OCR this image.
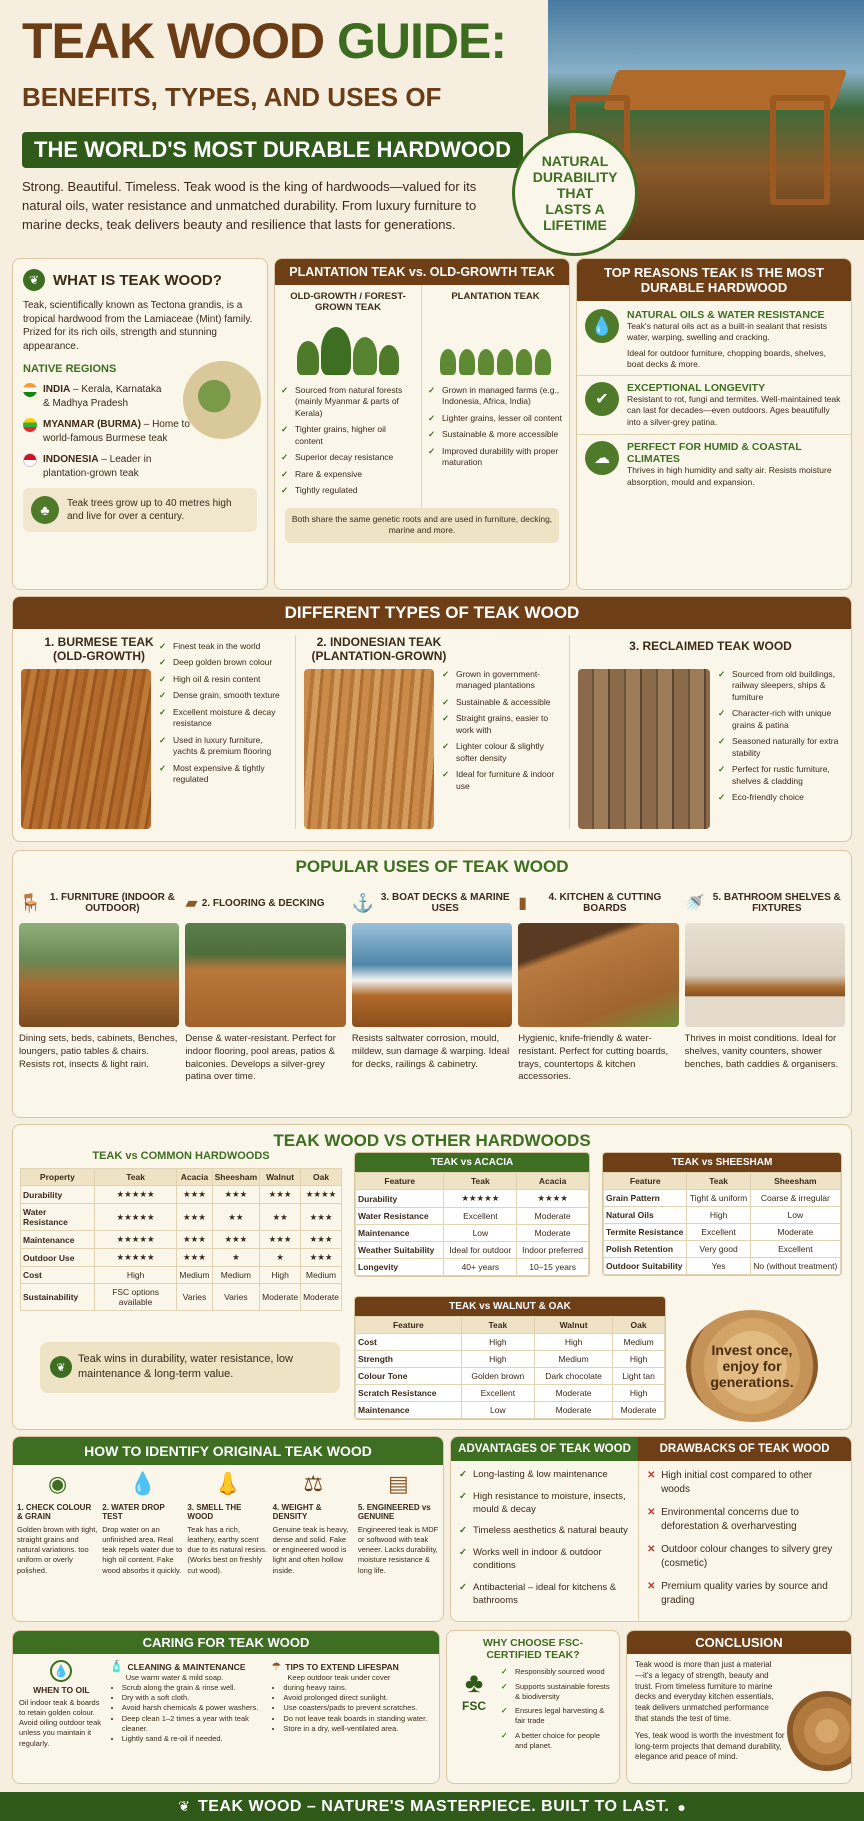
TEAK WOOD GUIDE:
BENEFITS, TYPES, AND USES OF
THE WORLD'S MOST DURABLE HARDWOOD	NATURAL DURABILITY THAT LASTS A LIFETIME
Strong. Beautiful. Timeless. Teak wood is the king of hardwoods—valued for its natural oils, water resistance and unmatched durability. From luxury furniture to marine decks, teak delivers beauty and resilience that lasts for generations.
❦ WHAT IS TEAK WOOD?
Teak, scientifically known as Tectona grandis, is a tropical hardwood from the Lamiaceae (Mint) family. Prized for its rich oils, strength and stunning appearance.
NATIVE REGIONS
INDIA – Kerala, Karnataka & Madhya Pradesh
MYANMAR (BURMA) – Home to world-famous Burmese teak
INDONESIA – Leader in plantation-grown teak
♣	Teak trees grow up to 40 metres high and live for over a century.
PLANTATION TEAK vs. OLD-GROWTH TEAK
OLD-GROWTH / FOREST-GROWN TEAK
✓ Sourced from natural forests (mainly Myanmar & parts of Kerala)
✓ Tighter grains, higher oil content
✓ Superior decay resistance
✓ Rare & expensive
✓ Tightly regulated
PLANTATION TEAK
✓ Grown in managed farms (e.g., Indonesia, Africa, India)
✓ Lighter grains, lesser oil content
✓ Sustainable & more accessible
✓ Improved durability with proper maturation
Both share the same genetic roots and are used in furniture, decking, marine and more.
TOP REASONS TEAK IS THE MOST DURABLE HARDWOOD
💧
NATURAL OILS & WATER RESISTANCE
Teak's natural oils act as a built-in sealant that resists water, warping, swelling and cracking.
Ideal for outdoor furniture, chopping boards, shelves, boat decks & more.
✔
EXCEPTIONAL LONGEVITY
Resistant to rot, fungi and termites. Well-maintained teak can last for decades—even outdoors. Ages beautifully into a silver-grey patina.
☁
PERFECT FOR HUMID & COASTAL CLIMATES
Thrives in high humidity and salty air. Resists moisture absorption, mould and expansion.
DIFFERENT TYPES OF TEAK WOOD
1. BURMESE TEAK (OLD-GROWTH)
✓ Finest teak in the world
✓ Deep golden brown colour
✓ High oil & resin content
✓ Dense grain, smooth texture
✓ Excellent moisture & decay resistance
✓ Used in luxury furniture, yachts & premium flooring
✓ Most expensive & tightly regulated
2. INDONESIAN TEAK (PLANTATION-GROWN)
✓ Grown in government-managed plantations
✓ Sustainable & accessible
✓ Straight grains, easier to work with
✓ Lighter colour & slightly softer density
✓ Ideal for furniture & indoor use
3. RECLAIMED TEAK WOOD
✓ Sourced from old buildings, railway sleepers, ships & furniture
✓ Character-rich with unique grains & patina
✓ Seasoned naturally for extra stability
✓ Perfect for rustic furniture, shelves & cladding
✓ Eco-friendly choice
POPULAR USES OF TEAK WOOD
🪑 1. FURNITURE (INDOOR & OUTDOOR)
Dining sets, beds, cabinets, Benches, loungers, patio tables & chairs. Resists rot, insects & light rain.
▰ 2. FLOORING & DECKING
Dense & water-resistant. Perfect for indoor flooring, pool areas, patios & balconies. Develops a silver-grey patina over time.
⚓ 3. BOAT DECKS & MARINE USES
Resists saltwater corrosion, mould, mildew, sun damage & warping. Ideal for decks, railings & cabinetry.
▮	4. KITCHEN & CUTTING BOARDS
Hygienic, knife-friendly & water-resistant. Perfect for cutting boards, trays, countertops & kitchen accessories.
🚿 5. BATHROOM SHELVES & FIXTURES
Thrives in moist conditions. Ideal for shelves, vanity counters, shower benches, bath caddies & organisers.
TEAK WOOD VS OTHER HARDWOODS
TEAK vs COMMON HARDWOODS
Property	Teak	Acacia	Sheesham	Walnut	Oak
Durability	★★★★★	★★★	★★★	★★★	★★★★
Water Resistance	★★★★★	★★★	★★	★★	★★★
Maintenance	★★★★★	★★★	★★★	★★★	★★★
Outdoor Use	★★★★★	★★★	★	★	★★★
Cost	High	Medium	Medium	High	Medium
Sustainability	FSC options available	Varies	Varies	Moderate	Moderate
❦
Teak wins in durability, water resistance, low maintenance & long-term value.
TEAK vs ACACIA
Feature	Teak	Acacia
Durability	★★★★★	★★★★
Water Resistance	Excellent	Moderate
Maintenance	Low	Moderate
Weather Suitability	Ideal for outdoor	Indoor preferred
Longevity	40+ years	10–15 years
TEAK vs SHEESHAM
Feature	Teak	Sheesham
Grain Pattern	Tight & uniform	Coarse & irregular
Natural Oils	High	Low
Termite Resistance	Excellent	Moderate
Polish Retention	Very good	Excellent
Outdoor Suitability	Yes	No (without treatment)
TEAK vs WALNUT & OAK
Feature	Teak	Walnut	Oak
Cost	High	High	Medium
Strength	High	Medium	High
Colour Tone	Golden brown	Dark chocolate	Light tan
Scratch Resistance	Excellent	Moderate	High
Maintenance	Low	Moderate	Moderate
Invest once, enjoy for generations.
HOW TO IDENTIFY ORIGINAL TEAK WOOD
◉
1. CHECK COLOUR & GRAIN
Golden brown with tight, straight grains and natural variations. too uniform or overly polished.
💧
2. WATER DROP TEST
Drop water on an unfinished area. Real teak repels water due to high oil content. Fake wood absorbs it quickly.
👃
3. SMELL THE WOOD
Teak has a rich, leathery, earthy scent due to its natural resins. (Works best on freshly cut wood).
⚖
4. WEIGHT & DENSITY
Genuine teak is heavy, dense and solid. Fake or engineered wood is light and often hollow inside.
▤
5. ENGINEERED vs GENUINE
Engineered teak is MDF or softwood with teak veneer. Lacks durability, moisture resistance & long life.
ADVANTAGES OF TEAK WOOD	DRAWBACKS OF TEAK WOOD
✓ Long-lasting & low maintenance
✓ High resistance to moisture, insects, mould & decay
✓ Timeless aesthetics & natural beauty
✓ Works well in indoor & outdoor conditions
✓ Antibacterial – ideal for kitchens & bathrooms
✕ High initial cost compared to other woods
✕ Environmental concerns due to deforestation & overharvesting
✕ Outdoor colour changes to silvery grey (cosmetic)
✕ Premium quality varies by source and grading
CARING FOR TEAK WOOD
💧
WHEN TO OIL
Oil indoor teak & boards to retain golden colour. Avoid oiling outdoor teak unless you maintain it regularly.
🧴 CLEANING & MAINTENANCE
Use warm water & mild soap.
• Scrub along the grain & rinse well.
• Dry with a soft cloth.
• Avoid harsh chemicals & power washers.
• Deep clean 1–2 times a year with teak cleaner.
• Lightly sand & re-oil if needed.
☂ TIPS TO EXTEND LIFESPAN
Keep outdoor teak under cover
• during heavy rains.
• Avoid prolonged direct sunlight.
• Use coasters/pads to prevent scratches.
• Do not leave teak boards in standing water.
• Store in a dry, well-ventilated area.
WHY CHOOSE FSC-CERTIFIED TEAK?
♣
FSC
✓ Responsibly sourced wood
✓ Supports sustainable forests & biodiversity
✓ Ensures legal harvesting & fair trade
✓ A better choice for people and planet.
CONCLUSION
Teak wood is more than just a material—it's a legacy of strength, beauty and trust. From timeless furniture to marine decks and everyday kitchen essentials, teak delivers unmatched performance that stands the test of time.
Yes, teak wood is worth the investment for long-term projects that demand durability, elegance and peace of mind.
❦ TEAK WOOD – NATURE'S MASTERPIECE. BUILT TO LAST. ●
